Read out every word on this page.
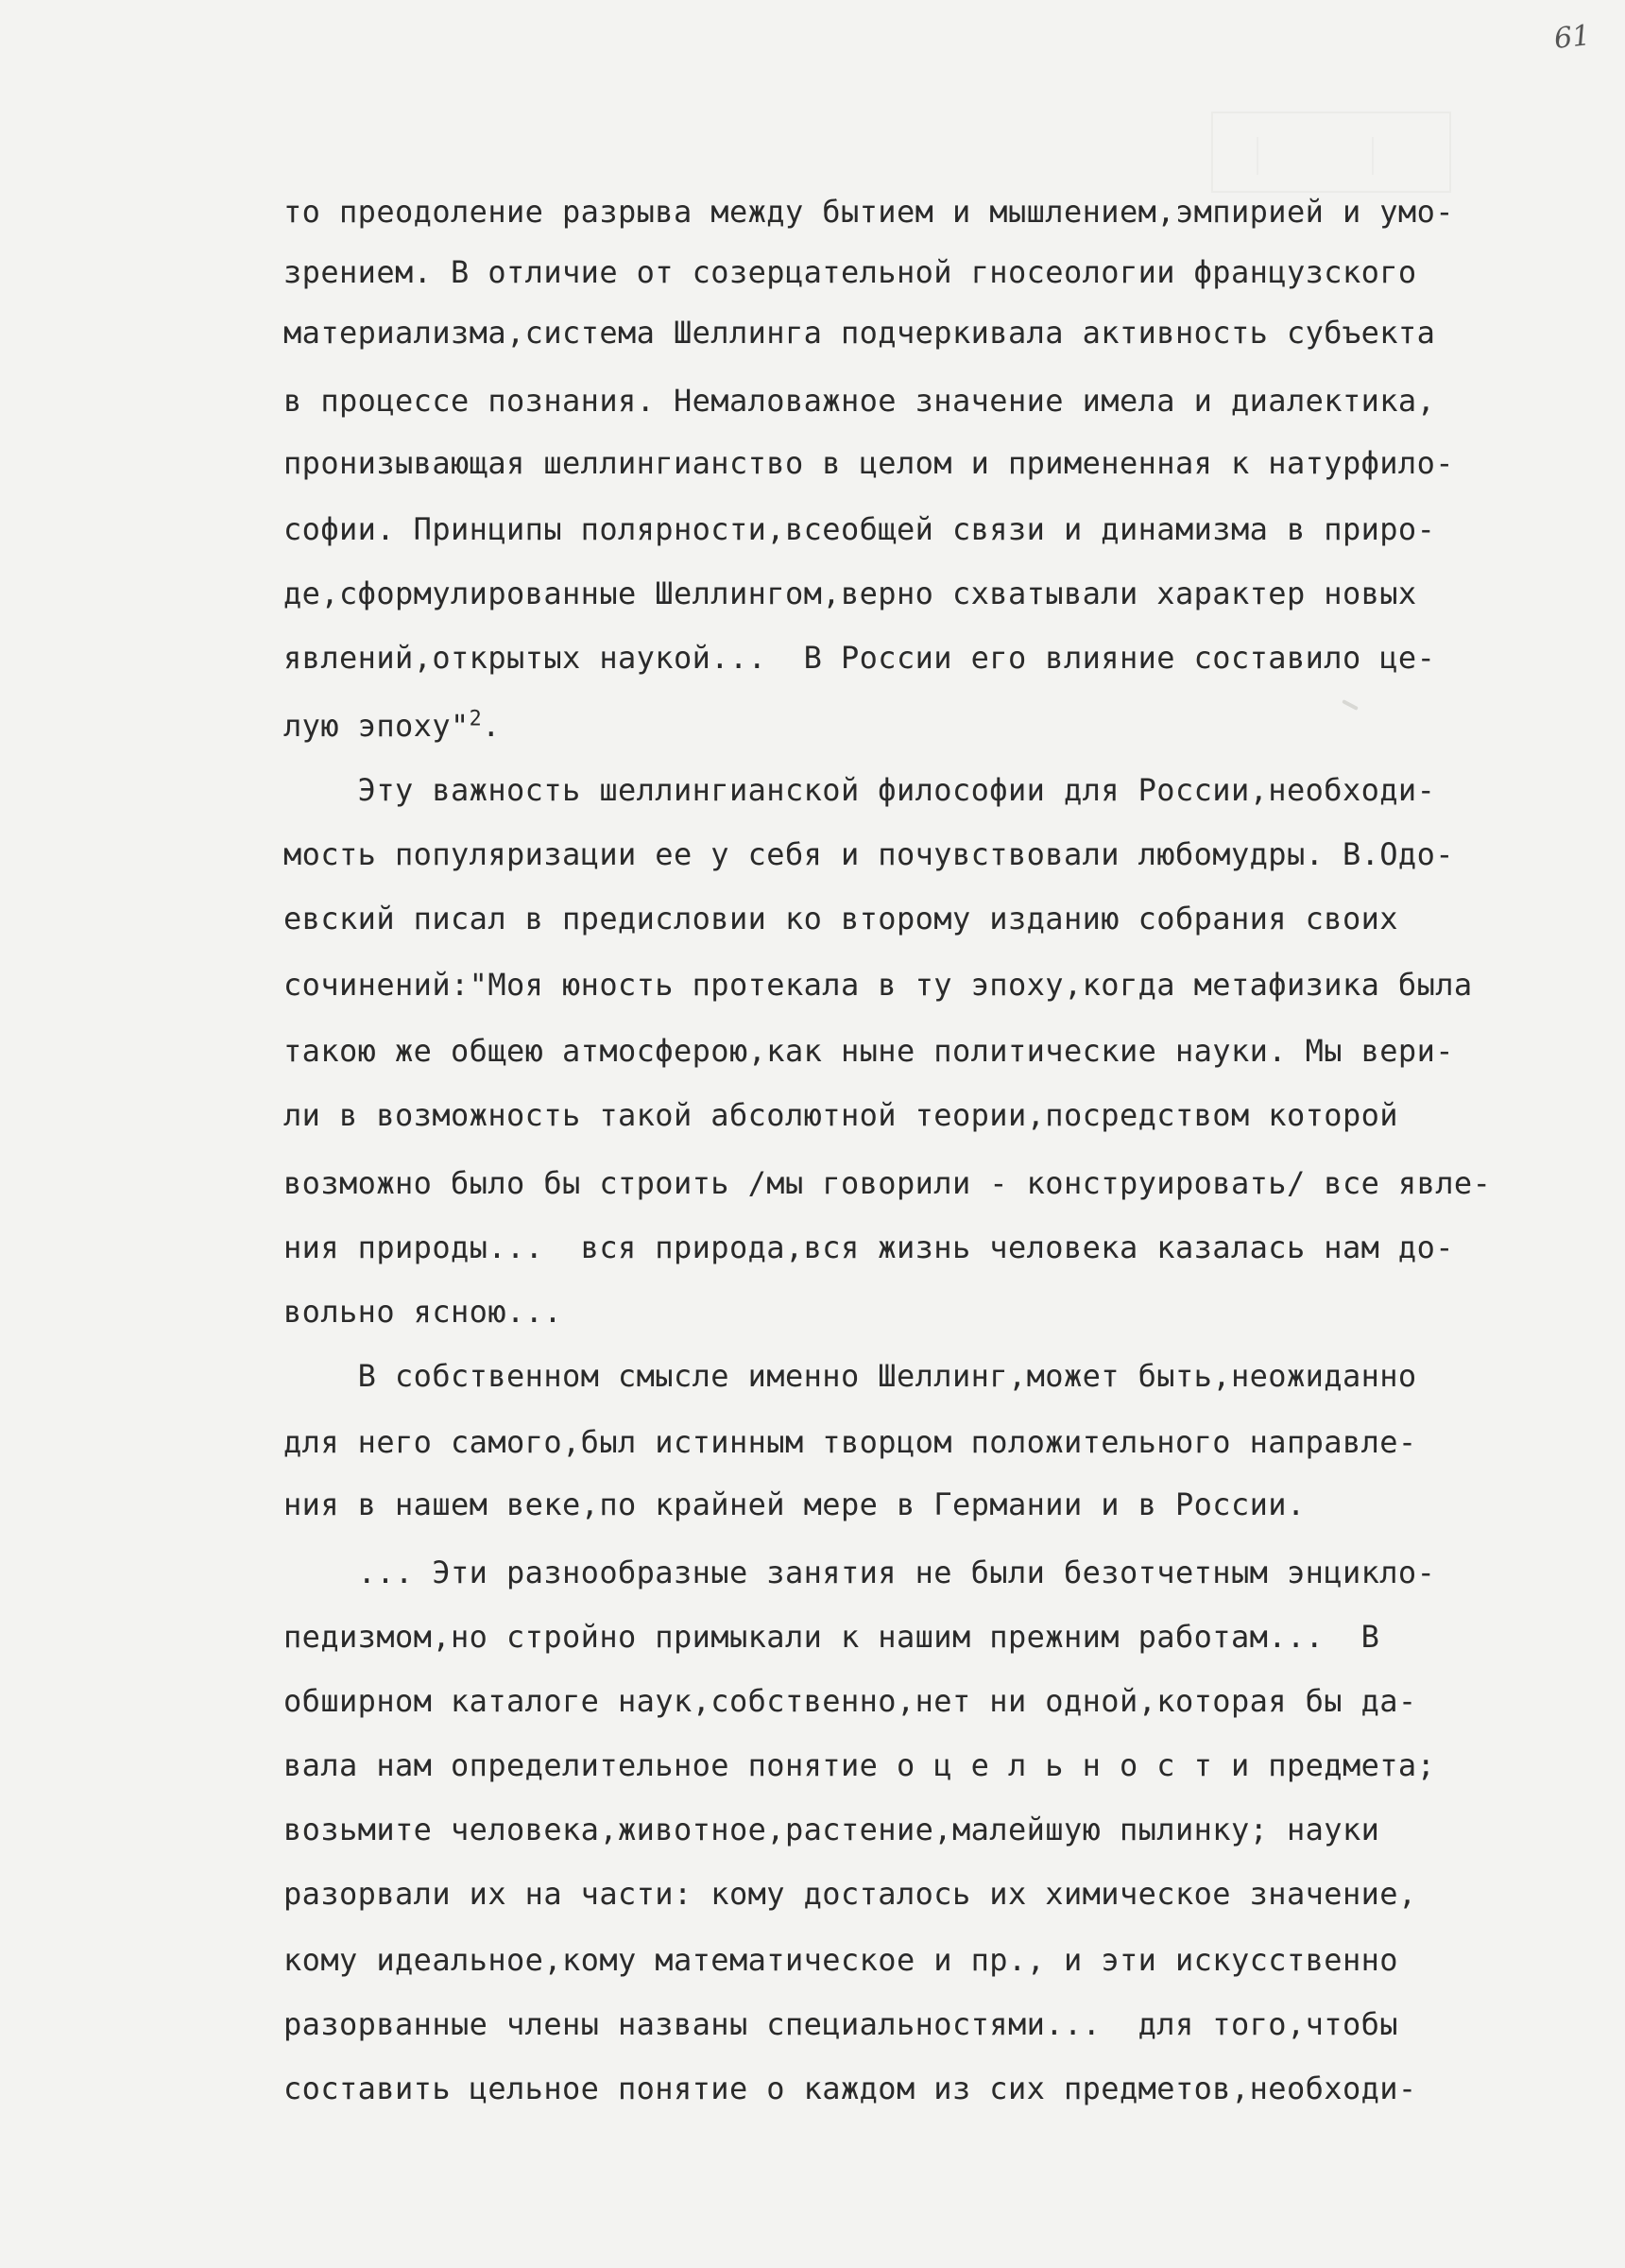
61
то преодоление разрыва между бытием и мышлением,эмпирией и умо-
зрением. В отличие от созерцательной гносеологии французского
материализма,система Шеллинга подчеркивала активность субъекта
в процессе познания. Немаловажное значение имела и диалектика,
пронизывающая шеллингианство в целом и примененная к натурфило-
софии. Принципы полярности,всеобщей связи и динамизма в приро-
де,сформулированные Шеллингом,верно схватывали характер новых
явлений,открытых наукой...  В России его влияние составило це-
лую эпоху"$^2$.
Эту важность шеллингианской философии для России,необходи-
мость популяризации ее у себя и почувствовали любомудры. В.Одо-
евский писал в предисловии ко второму изданию собрания своих
сочинений:"Моя юность протекала в ту эпоху,когда метафизика была
такою же общею атмосферою,как ныне политические науки. Мы вери-
ли в возможность такой абсолютной теории,посредством которой
возможно было бы строить /мы говорили - конструировать/ все явле-
ния природы...  вся природа,вся жизнь человека казалась нам до-
вольно ясною...
В собственном смысле именно Шеллинг,может быть,неожиданно
для него самого,был истинным творцом положительного направле-
ния в нашем веке,по крайней мере в Германии и в России.
... Эти разнообразные занятия не были безотчетным энцикло-
педизмом,но стройно примыкали к нашим прежним работам...  В
обширном каталоге наук,собственно,нет ни одной,которая бы да-
вала нам определительное понятие о ц е л ь н о с т и предмета;
возьмите человека,животное,растение,малейшую пылинку; науки
разорвали их на части: кому досталось их химическое значение,
кому идеальное,кому математическое и пр., и эти искусственно
разорванные члены названы специальностями...  для того,чтобы
составить цельное понятие о каждом из сих предметов,необходи-
